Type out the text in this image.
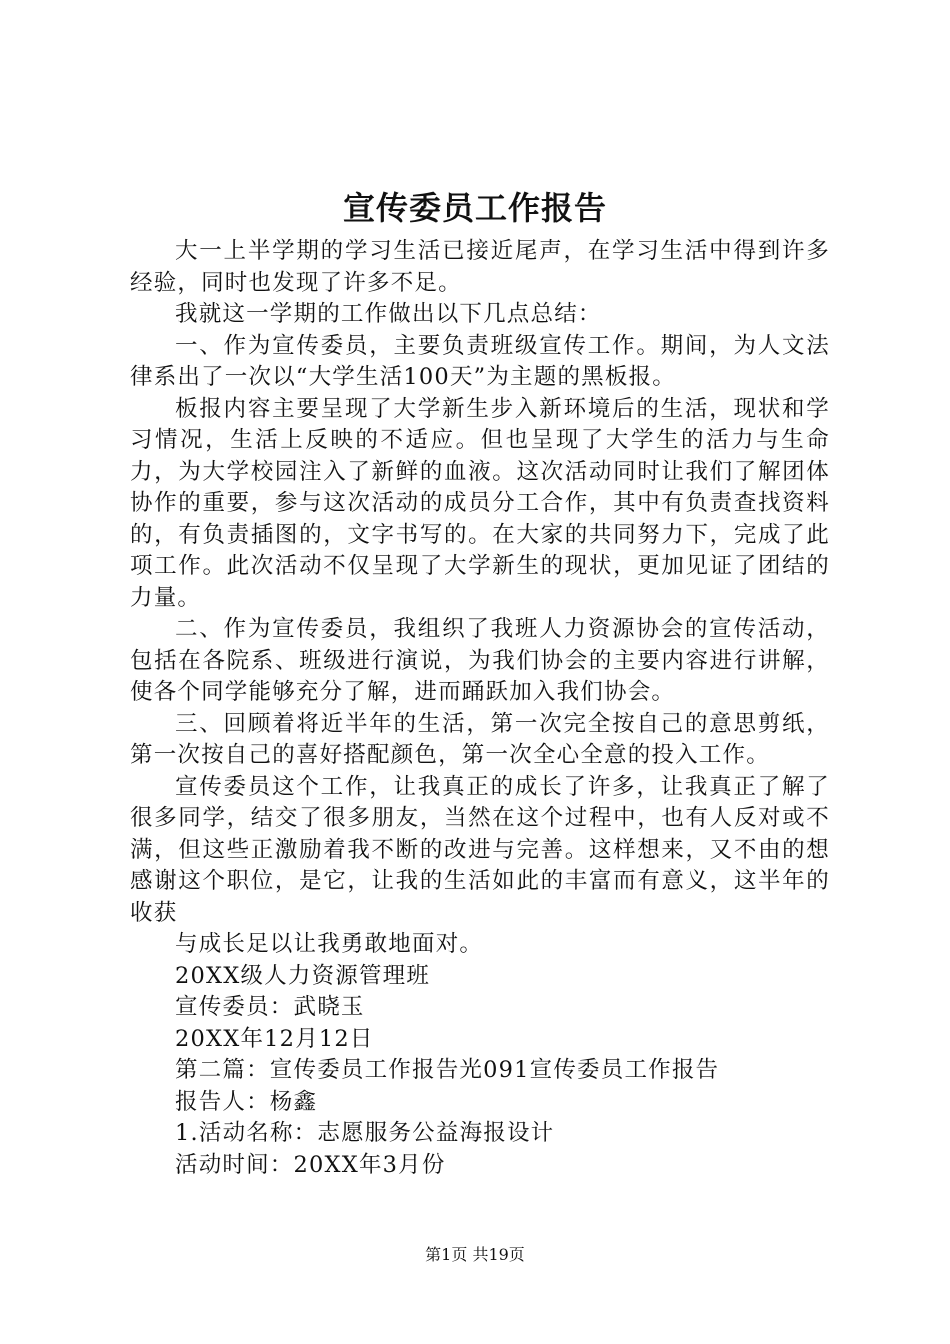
宣传委员工作报告

大一上半学期的学习生活已接近尾声，在学习生活中得到许多经验，同时也发现了许多不足。

我就这一学期的工作做出以下几点总结：

一、作为宣传委员，主要负责班级宣传工作。期间，为人文法律系出了一次以“大学生活100天”为主题的黑板报。

板报内容主要呈现了大学新生步入新环境后的生活，现状和学习情况，生活上反映的不适应。但也呈现了大学生的活力与生命力，为大学校园注入了新鲜的血液。这次活动同时让我们了解团体协作的重要，参与这次活动的成员分工合作，其中有负责查找资料的，有负责插图的，文字书写的。在大家的共同努力下，完成了此项工作。此次活动不仅呈现了大学新生的现状，更加见证了团结的力量。

二、作为宣传委员，我组织了我班人力资源协会的宣传活动，包括在各院系、班级进行演说，为我们协会的主要内容进行讲解，使各个同学能够充分了解，进而踊跃加入我们协会。

三、回顾着将近半年的生活，第一次完全按自己的意思剪纸，第一次按自己的喜好搭配颜色，第一次全心全意的投入工作。

宣传委员这个工作，让我真正的成长了许多，让我真正了解了很多同学，结交了很多朋友，当然在这个过程中，也有人反对或不满，但这些正激励着我不断的改进与完善。这样想来，又不由的想感谢这个职位，是它，让我的生活如此的丰富而有意义，这半年的收获

与成长足以让我勇敢地面对。

20XX级人力资源管理班

宣传委员：武晓玉

20XX年12月12日

第二篇：宣传委员工作报告光091宣传委员工作报告

报告人：杨鑫

1.活动名称：志愿服务公益海报设计

活动时间：20XX年3月份

第1页 共19页
